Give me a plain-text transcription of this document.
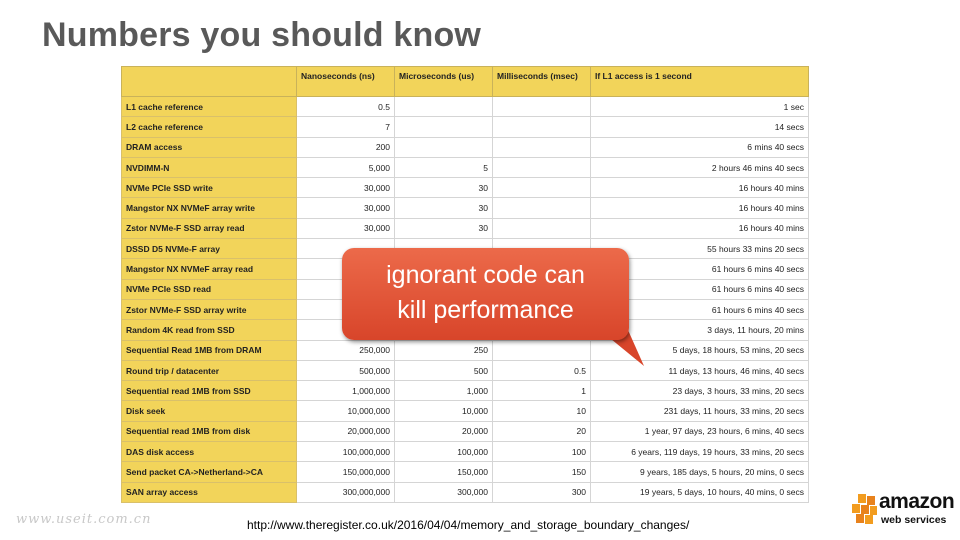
Numbers you should know
	Nanoseconds (ns)	Microseconds (us)	Milliseconds (msec)	If L1 access is 1 second
L1 cache reference	0.5			1 sec
L2 cache reference	7			14 secs
DRAM access	200			6 mins 40 secs
NVDIMM-N	5,000	5		2 hours 46 mins 40 secs
NVMe PCIe SSD write	30,000	30		16 hours 40 mins
Mangstor NX NVMeF array write	30,000	30		16 hours 40 mins
Zstor NVMe-F SSD array read	30,000	30		16 hours 40 mins
DSSD D5 NVMe-F array				55 hours 33 mins 20 secs
Mangstor NX NVMeF array read				61 hours 6 mins 40 secs
NVMe PCIe SSD read				61 hours 6 mins 40 secs
Zstor NVMe-F SSD array write				61 hours 6 mins 40 secs
Random 4K read from SSD				3 days, 11 hours, 20 mins
Sequential Read 1MB from DRAM	250,000	250		5 days, 18 hours, 53 mins, 20 secs
Round trip / datacenter	500,000	500	0.5	11 days, 13 hours, 46 mins, 40 secs
Sequential read 1MB from SSD	1,000,000	1,000	1	23 days, 3 hours, 33 mins, 20 secs
Disk seek	10,000,000	10,000	10	231 days, 11 hours, 33 mins, 20 secs
Sequential read 1MB from disk	20,000,000	20,000	20	1 year, 97 days, 23 hours, 6 mins, 40 secs
DAS disk access	100,000,000	100,000	100	6 years, 119 days, 19 hours, 33 mins, 20 secs
Send packet CA->Netherland->CA	150,000,000	150,000	150	9 years, 185 days, 5 hours, 20 mins, 0 secs
SAN array access	300,000,000	300,000	300	19 years, 5 days, 10 hours, 40 mins, 0 secs
ignorant code can
kill performance
www.useit.com.cn	http://www.theregister.co.uk/2016/04/04/memory_and_storage_boundary_changes/
amazon
web services
